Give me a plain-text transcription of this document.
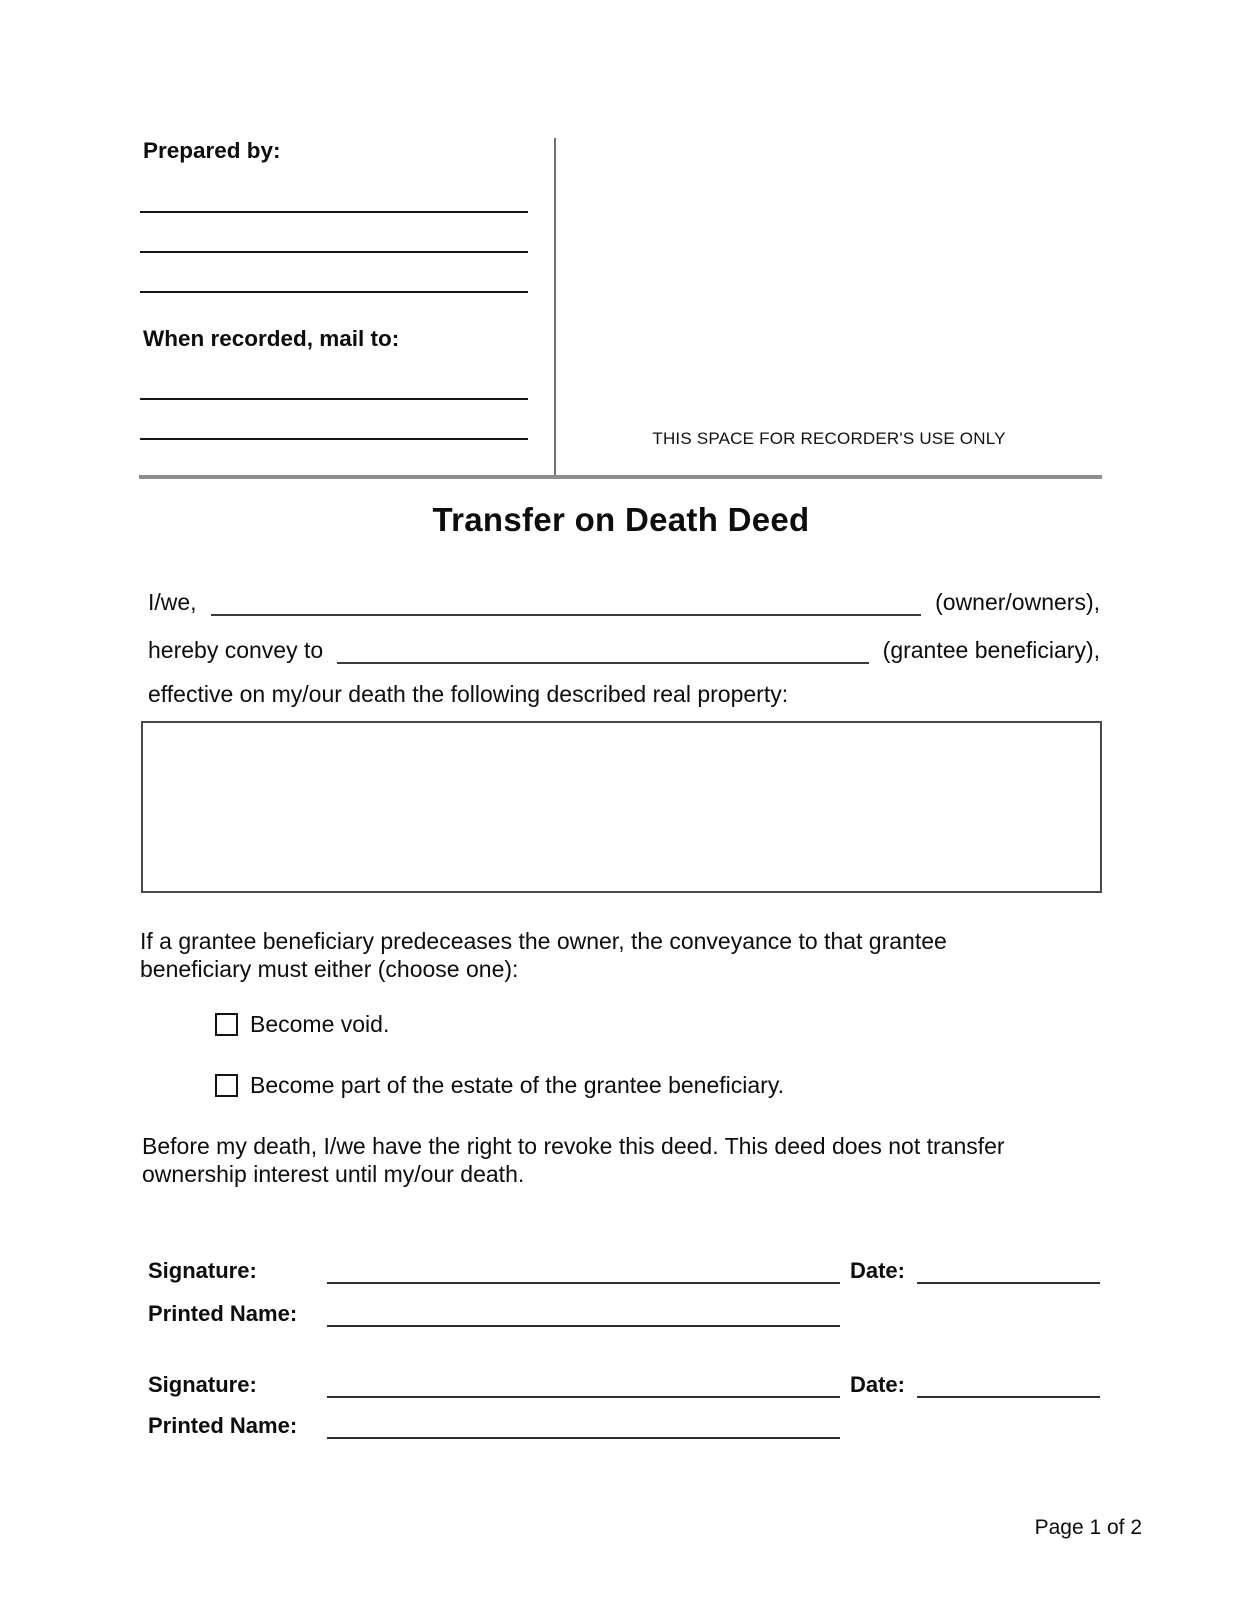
Prepared by:
When recorded, mail to:
THIS SPACE FOR RECORDER'S USE ONLY
Transfer on Death Deed
I/we,	(owner/owners),
hereby convey to	(grantee beneficiary),
effective on my/our death the following described real property:
If a grantee beneficiary predeceases the owner, the conveyance to that grantee
beneficiary must either (choose one):
Become void.
Become part of the estate of the grantee beneficiary.
Before my death, I/we have the right to revoke this deed. This deed does not transfer
ownership interest until my/our death.
Signature:	Date:
Printed Name:
Signature:	Date:
Printed Name:
Page 1 of 2
